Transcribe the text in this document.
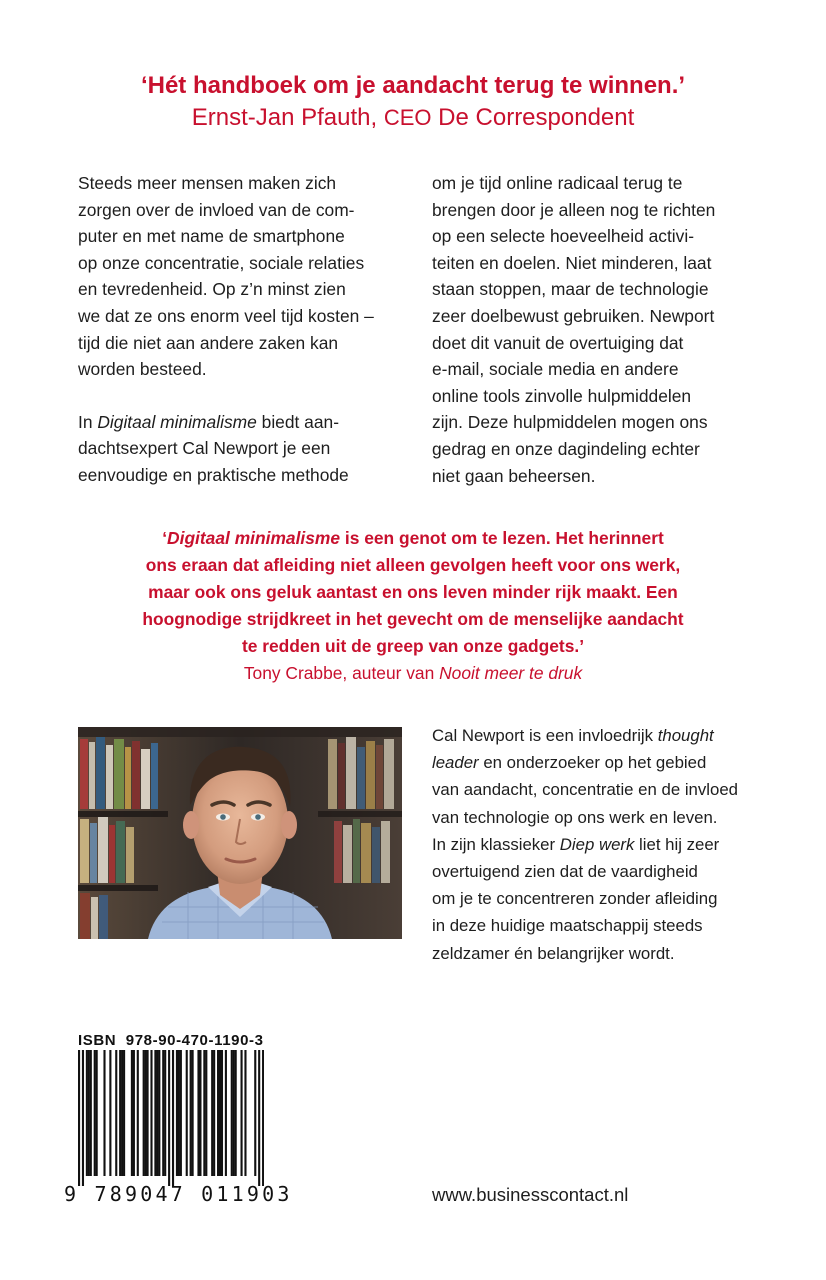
‘Hét handboek om je aandacht terug te winnen.’
Ernst-Jan Pfauth, CEO De Correspondent

Steeds meer mensen maken zich

zorgen over de invloed van de com-

puter en met name de smartphone

op onze concentratie, sociale relaties

en tevredenheid. Op z’n minst zien

we dat ze ons enorm veel tijd kosten –

tijd die niet aan andere zaken kan

worden besteed.

In Digitaal minimalisme biedt aan-

dachtsexpert Cal Newport je een

eenvoudige en praktische methode

om je tijd online radicaal terug te

brengen door je alleen nog te richten

op een selecte hoeveelheid activi-

teiten en doelen. Niet minderen, laat

staan stoppen, maar de technologie

zeer doelbewust gebruiken. Newport

doet dit vanuit de overtuiging dat

e-mail, sociale media en andere

online tools zinvolle hulpmiddelen

zijn. Deze hulpmiddelen mogen ons

gedrag en onze dagindeling echter

niet gaan beheersen.

‘Digitaal minimalisme is een genot om te lezen. Het herinnert
ons eraan dat afleiding niet alleen gevolgen heeft voor ons werk,
maar ook ons geluk aantast en ons leven minder rijk maakt. Een
hoognodige strijdkreet in het gevecht om de menselijke aandacht
te redden uit de greep van onze gadgets.’
Tony Crabbe, auteur van Nooit meer te druk
Cal Newport is een invloedrijk thought
leader en onderzoeker op het gebied
van aandacht, concentratie en de invloed
van technologie op ons werk en leven.
In zijn klassieker Diep werk liet hij zeer
overtuigend zien dat de vaardigheid
om je te concentreren zonder afleiding
in deze huidige maatschappij steeds
zeldzamer én belangrijker wordt.
ISBN  978-90-470-1190-3
9 789047 011903	www.businesscontact.nl
